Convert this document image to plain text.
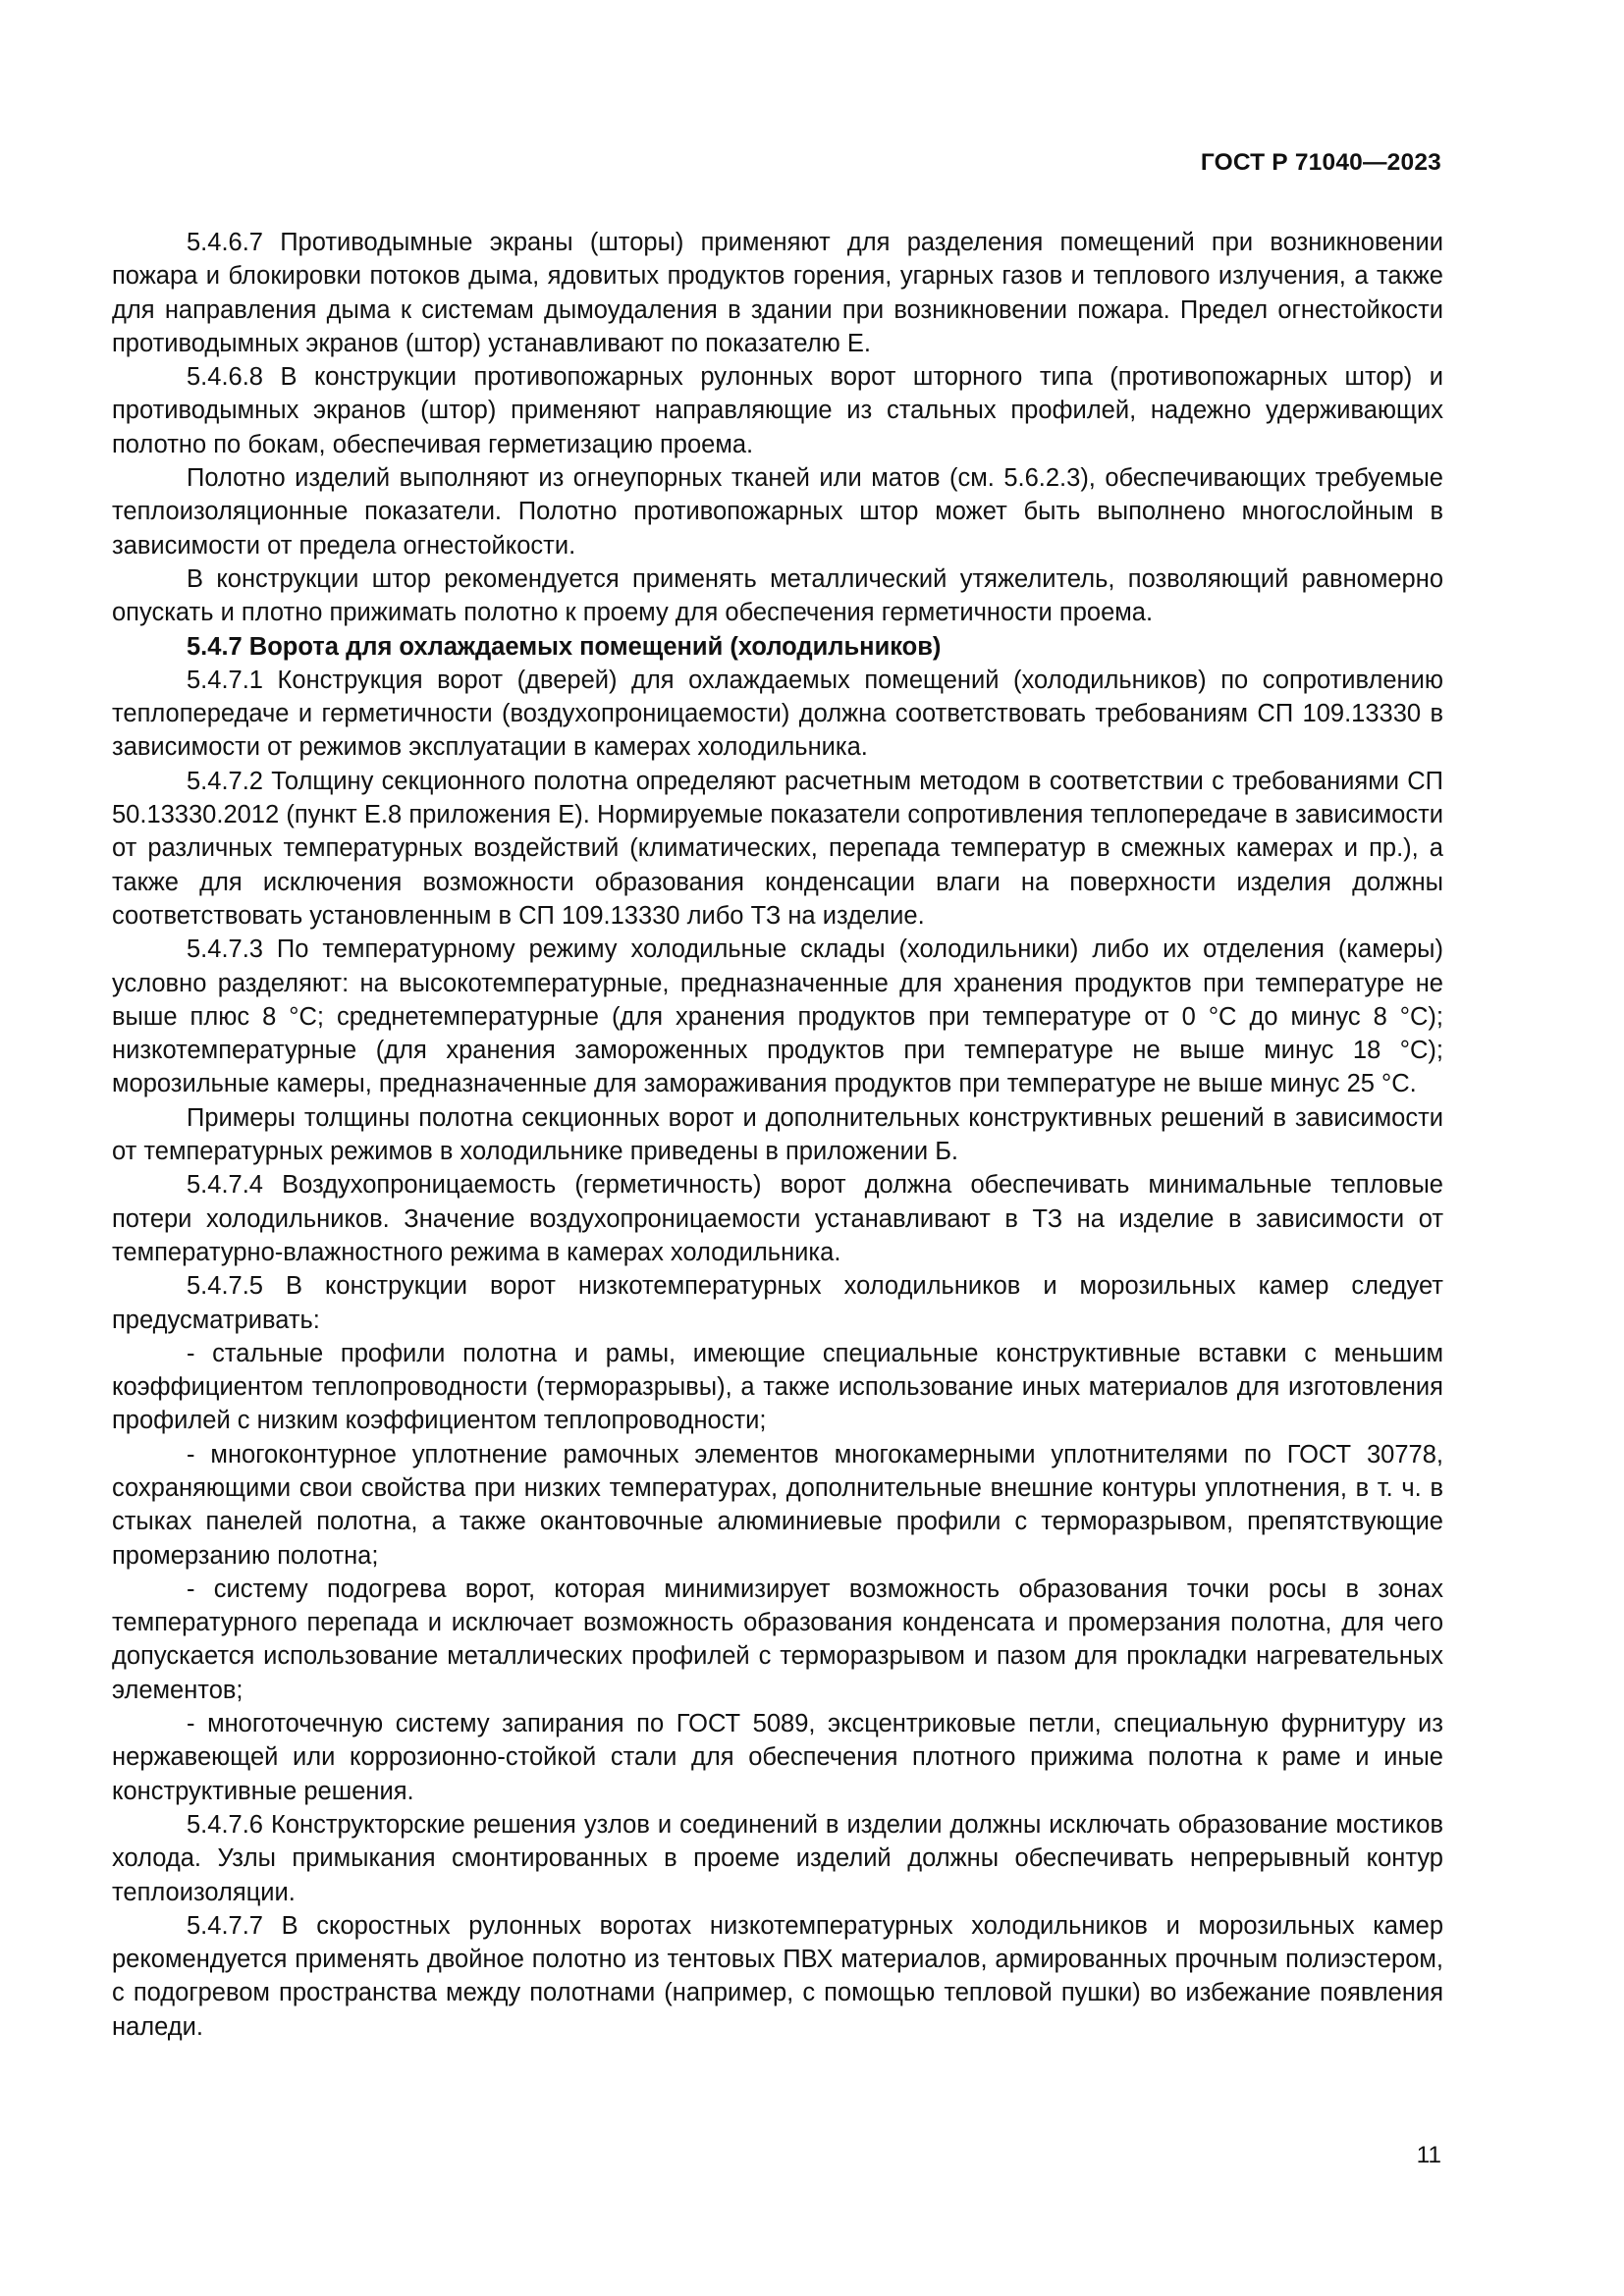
ГОСТ Р 71040—2023

5.4.6.7 Противодымные экраны (шторы) применяют для разделения помещений при возникновении пожара и блокировки потоков дыма, ядовитых продуктов горения, угарных газов и теплового излучения, а также для направления дыма к системам дымоудаления в здании при возникновении пожара. Предел огнестойкости противодымных экранов (штор) устанавливают по показателю E.

5.4.6.8 В конструкции противопожарных рулонных ворот шторного типа (противопожарных штор) и противодымных экранов (штор) применяют направляющие из стальных профилей, надежно удерживающих полотно по бокам, обеспечивая герметизацию проема.

Полотно изделий выполняют из огнеупорных тканей или матов (см. 5.6.2.3), обеспечивающих требуемые теплоизоляционные показатели. Полотно противопожарных штор может быть выполнено многослойным в зависимости от предела огнестойкости.

В конструкции штор рекомендуется применять металлический утяжелитель, позволяющий равномерно опускать и плотно прижимать полотно к проему для обеспечения герметичности проема.

5.4.7 Ворота для охлаждаемых помещений (холодильников)

5.4.7.1 Конструкция ворот (дверей) для охлаждаемых помещений (холодильников) по сопротивлению теплопередаче и герметичности (воздухопроницаемости) должна соответствовать требованиям СП 109.13330 в зависимости от режимов эксплуатации в камерах холодильника.

5.4.7.2 Толщину секционного полотна определяют расчетным методом в соответствии с требованиями СП 50.13330.2012 (пункт Е.8 приложения Е). Нормируемые показатели сопротивления теплопередаче в зависимости от различных температурных воздействий (климатических, перепада температур в смежных камерах и пр.), а также для исключения возможности образования конденсации влаги на поверхности изделия должны соответствовать установленным в СП 109.13330 либо ТЗ на изделие.

5.4.7.3 По температурному режиму холодильные склады (холодильники) либо их отделения (камеры) условно разделяют: на высокотемпературные, предназначенные для хранения продуктов при температуре не выше плюс 8 °С; среднетемпературные (для хранения продуктов при температуре от 0 °С до минус 8 °С); низкотемпературные (для хранения замороженных продуктов при температуре не выше минус 18 °С); морозильные камеры, предназначенные для замораживания продуктов при температуре не выше минус 25 °С.

Примеры толщины полотна секционных ворот и дополнительных конструктивных решений в зависимости от температурных режимов в холодильнике приведены в приложении Б.

5.4.7.4 Воздухопроницаемость (герметичность) ворот должна обеспечивать минимальные тепловые потери холодильников. Значение воздухопроницаемости устанавливают в ТЗ на изделие в зависимости от температурно-влажностного режима в камерах холодильника.

5.4.7.5 В конструкции ворот низкотемпературных холодильников и морозильных камер следует предусматривать:

- стальные профили полотна и рамы, имеющие специальные конструктивные вставки с меньшим коэффициентом теплопроводности (терморазрывы), а также использование иных материалов для изготовления профилей с низким коэффициентом теплопроводности;

- многоконтурное уплотнение рамочных элементов многокамерными уплотнителями по ГОСТ 30778, сохраняющими свои свойства при низких температурах, дополнительные внешние контуры уплотнения, в т. ч. в стыках панелей полотна, а также окантовочные алюминиевые профили с терморазрывом, препятствующие промерзанию полотна;

- систему подогрева ворот, которая минимизирует возможность образования точки росы в зонах температурного перепада и исключает возможность образования конденсата и промерзания полотна, для чего допускается использование металлических профилей с терморазрывом и пазом для прокладки нагревательных элементов;

- многоточечную систему запирания по ГОСТ 5089, эксцентриковые петли, специальную фурнитуру из нержавеющей или коррозионно-стойкой стали для обеспечения плотного прижима полотна к раме и иные конструктивные решения.

5.4.7.6 Конструкторские решения узлов и соединений в изделии должны исключать образование мостиков холода. Узлы примыкания смонтированных в проеме изделий должны обеспечивать непрерывный контур теплоизоляции.

5.4.7.7 В скоростных рулонных воротах низкотемпературных холодильников и морозильных камер рекомендуется применять двойное полотно из тентовых ПВХ материалов, армированных прочным полиэстером, с подогревом пространства между полотнами (например, с помощью тепловой пушки) во избежание появления наледи.

11
